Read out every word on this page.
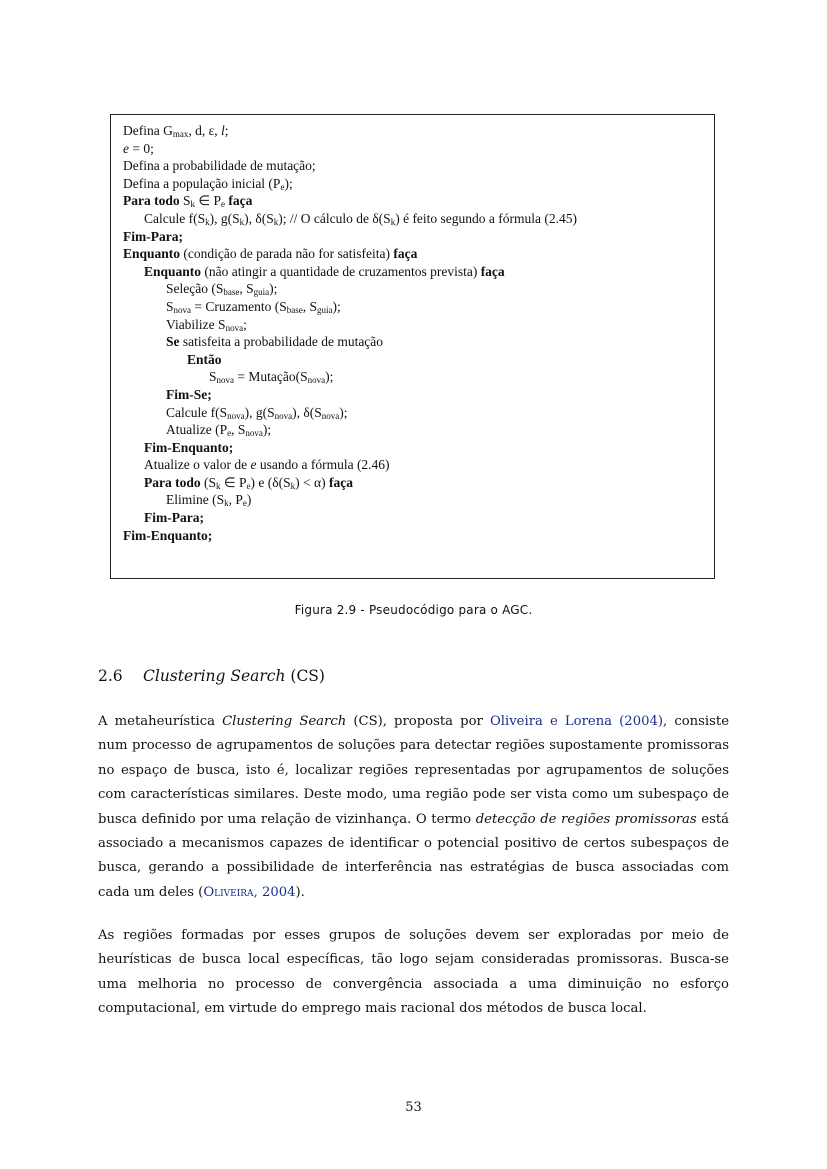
Defina $G_{max}$, d, ε, l;
e = 0;
Defina a probabilidade de mutação;
Defina a população inicial $(P_e)$;
Para todo $S_k$ ∈ $P_e$ faça
Calcule $f(S_k)$, $g(S_k)$, $\delta(S_k)$; // O cálculo de $\delta(S_k)$ é feito segundo a fórmula (2.45)
Fim-Para;
Enquanto (condição de parada não for satisfeita) faça
Enquanto (não atingir a quantidade de cruzamentos prevista) faça
Seleção ($S_{base}$, $S_{guia}$);
$S_{nova}$ = Cruzamento ($S_{base}$, $S_{guia}$);
Viabilize $S_{nova}$;
Se satisfeita a probabilidade de mutação
Então
$S_{nova}$ = $Mutação(S_{nova})$;
Fim-Se;
Calcule $f(S_{nova})$, $g(S_{nova})$, $\delta(S_{nova})$;
Atualize ($P_e$, $S_{nova}$);
Fim-Enquanto;
Atualize o valor de e usando a fórmula (2.46)
Para todo ($S_k$ ∈ $P_e$) e $(\delta(S_k) < \alpha)$ faça
Elimine ($S_k$, $P_e$)
Fim-Para;
Fim-Enquanto;
Figura 2.9 - Pseudocódigo para o AGC.
2.6 Clustering Search (CS)
A metaheurística Clustering Search (CS), proposta por Oliveira e Lorena (2004), consiste num processo de agrupamentos de soluções para detectar regiões supostamente promissoras no espaço de busca, isto é, localizar regiões representadas por agrupamentos de soluções com características similares. Deste modo, uma região pode ser vista como um subespaço de busca definido por uma relação de vizinhança. O termo detecção de regiões promissoras está associado a mecanismos capazes de identificar o potencial positivo de certos subespaços de busca, gerando a possibilidade de interferência nas estratégias de busca associadas com cada um deles (Oliveira, 2004).
As regiões formadas por esses grupos de soluções devem ser exploradas por meio de heurísticas de busca local específicas, tão logo sejam consideradas promissoras. Busca-se uma melhoria no processo de convergência associada a uma diminuição no esforço computacional, em virtude do emprego mais racional dos métodos de busca local.
53
